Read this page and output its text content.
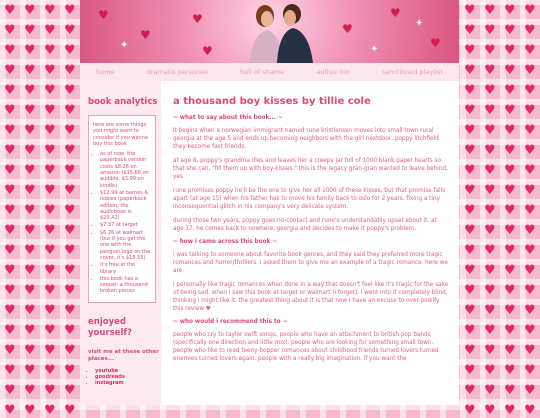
♥ ♥ ♥ ♥
♥ ♥ ♥ ♥
♥ ♥ ♥ ♥
♥ ♥ ♥ ♥
♥ ♥ ♥ ♥
♥ ♥ ♥ ♥
♥ ♥ ♥ ♥
♥ ♥ ♥ ♥
♥ ♥ ♥ ♥
♥ ♥ ♥ ♥
♥ ♥ ♥ ♥
♥ ♥ ♥ ♥
♥ ♥ ♥ ♥
♥ ♥ ♥ ♥
♥ ♥ ♥ ♥
♥ ♥ ♥ ♥
♥ ♥ ♥ ♥
♥ ♥ ♥ ♥
♥ ♥ ♥ ♥
♥ ♥ ♥ ♥
♥ ♥ ♥ ♥
♥ ♥ ♥ ♥
♥ ♥ ♥ ♥
♥ ♥ ♥ ♥
♥ ♥ ♥ ♥
♥ ♥ ♥ ♥
♥ ♥ ♥ ♥
♥ ♥ ♥ ♥
♥ ♥ ♥ ♥
♥ ♥ ♥ ♥
♥ ♥ ♥ ♥
♥ ♥ ♥ ♥
♥ ♥ ♥ ♥
♥ ♥ ♥ ♥
♥ ♥ ♥ ♥
♥ ♥ ♥ ♥
♥ ♥ ♥ ♥
♥ ♥ ♥ ♥
♥ ♥ ♥ ♥
♥ ♥ ♥ ♥
♥ ♥ ♥ ♥
♥ ♥ ♥ ♥
♥
♥
♥
♥
♥
♥
♥
✦	✦
✦
home	dramatis personae	hall of shame	author bio	sanctioned playlist
book analytics
here are some things you might want to consider if you wanna buy this book
• as of now, the paperback version costs $8.26 on amazon ($15.66 on audible, $3.99 on kindle)
• $12.99 at barnes & nobles (paperback edition, the audiobook is $20.42)
• $7.37 at target
• $6.26 at walmart (but if you get the one with the penguin logo on the cover, it's $15.55)
• it's free at the library
• this book has a sequel: a thousand broken pieces
enjoyed yourself?
visit me at these other places...
• youtube
• goodreads
• instagram
a thousand boy kisses by tillie cole
~ what to say about this book... ~

it begins when a norwegian immigrant named rune kristiansen moves into small town rural georgia at the age 5 and ends up becoming neighbors with the girl nextdoor, poppy litchfield. they become fast friends.

at age 8, poppy's grandma dies and leaves her a creepy jar full of 1000 blank paper hearts so that she can, "fill them up with boy-kisses." this is the legacy gran-gran wanted to leave behind, yes.

rune promises poppy he'll be the one to give her all 1000 of these kisses, but that promise falls apart (at age 15) when his father has to move his family back to oslo for 2 years, fixing a tiny inconsequential glitch in his company's very delicate system.

during those two years, poppy goes no-contact and rune's understandably upset about it. at age 17, he comes back to nowhere, georgia and decides to make it poppy's problem.

~ how i came across this book ~

i was talking to someone about favorite book genres, and they said they preferred more tragic romances and horror/thrillers. i asked them to give me an example of a tragic romance. here we are.

i personally like tragic romances when done in a way that doesn't feel like it's tragic for the sake of being sad. when i saw this book at target or walmart (i forget), i went into it completely blind, thinking i might like it. the greatest thing about it is that now i have an excuse to over-pinkify this review ♥

~ who would i recommend this to ~

people who cry to taylor swift songs. people who have an attachment to british pop bands (specifically one direction and little mix). people who are looking for something small town. people who like to read teeny-bopper romances about childhood friends turned lovers turned enemies turned lovers again. people with a really big imagination. if you want the
